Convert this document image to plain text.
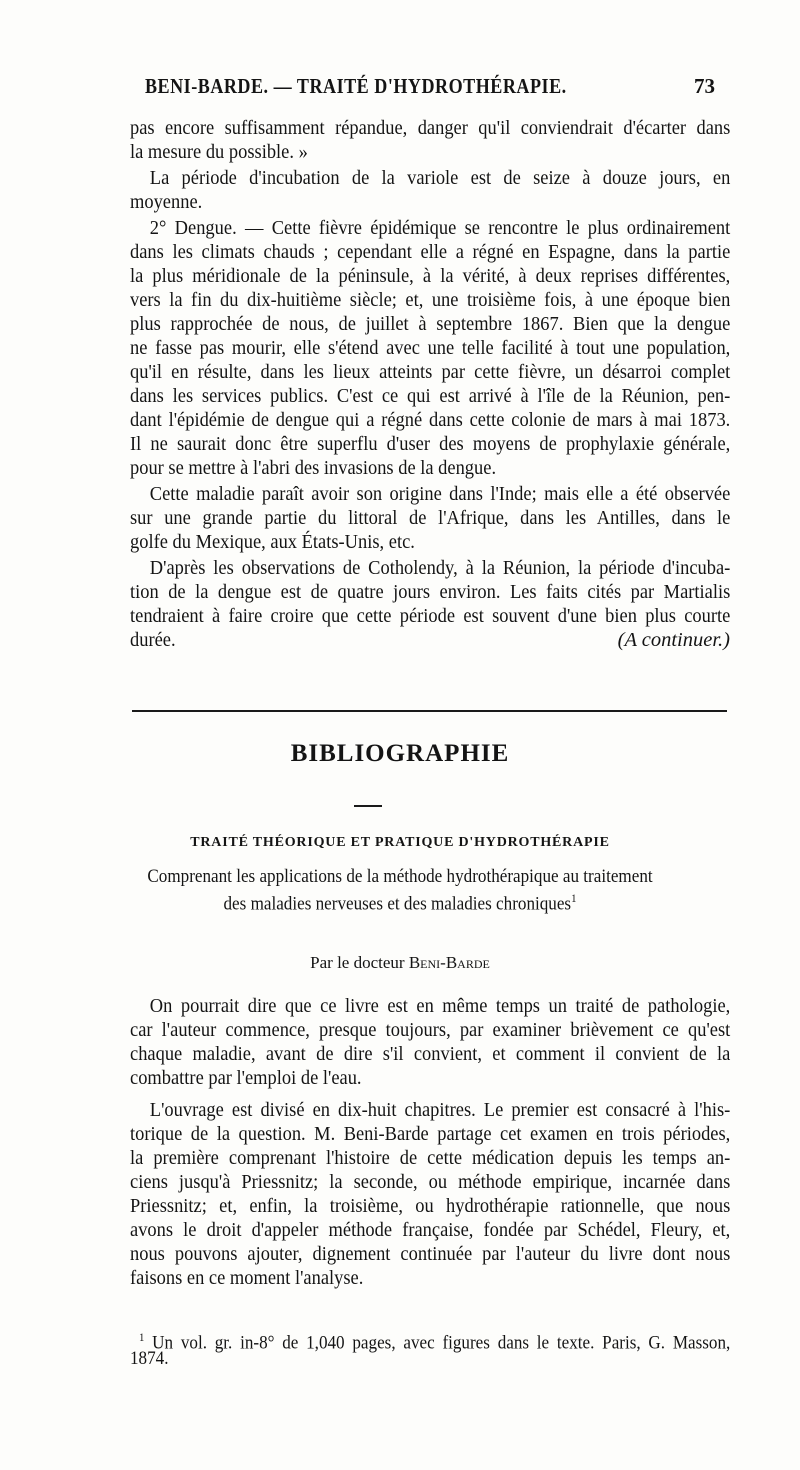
BENI-BARDE. — TRAITÉ D'HYDROTHÉRAPIE.	73
pas encore suffisamment répandue, danger qu'il conviendrait d'écarter dans
la mesure du possible. »
La période d'incubation de la variole est de seize à douze jours, en
moyenne.
2° Dengue. — Cette fièvre épidémique se rencontre le plus ordinairement
dans les climats chauds ; cependant elle a régné en Espagne, dans la partie
la plus méridionale de la péninsule, à la vérité, à deux reprises différentes,
vers la fin du dix-huitième siècle; et, une troisième fois, à une époque bien
plus rapprochée de nous, de juillet à septembre 1867. Bien que la dengue
ne fasse pas mourir, elle s'étend avec une telle facilité à tout une population,
qu'il en résulte, dans les lieux atteints par cette fièvre, un désarroi complet
dans les services publics. C'est ce qui est arrivé à l'île de la Réunion, pen-
dant l'épidémie de dengue qui a régné dans cette colonie de mars à mai 1873.
Il ne saurait donc être superflu d'user des moyens de prophylaxie générale,
pour se mettre à l'abri des invasions de la dengue.
Cette maladie paraît avoir son origine dans l'Inde; mais elle a été observée
sur une grande partie du littoral de l'Afrique, dans les Antilles, dans le
golfe du Mexique, aux États-Unis, etc.
D'après les observations de Cotholendy, à la Réunion, la période d'incuba-
tion de la dengue est de quatre jours environ. Les faits cités par Martialis
tendraient à faire croire que cette période est souvent d'une bien plus courte
durée.	(A continuer.)
BIBLIOGRAPHIE
TRAITÉ THÉORIQUE ET PRATIQUE D'HYDROTHÉRAPIE
Comprenant les applications de la méthode hydrothérapique au traitement
des maladies nerveuses et des maladies chroniques$^1$
Par le docteur Beni-Barde
On pourrait dire que ce livre est en même temps un traité de pathologie,
car l'auteur commence, presque toujours, par examiner brièvement ce qu'est
chaque maladie, avant de dire s'il convient, et comment il convient de la
combattre par l'emploi de l'eau.
L'ouvrage est divisé en dix-huit chapitres. Le premier est consacré à l'his-
torique de la question. M. Beni-Barde partage cet examen en trois périodes,
la première comprenant l'histoire de cette médication depuis les temps an-
ciens jusqu'à Priessnitz; la seconde, ou méthode empirique, incarnée dans
Priessnitz; et, enfin, la troisième, ou hydrothérapie rationnelle, que nous
avons le droit d'appeler méthode française, fondée par Schédel, Fleury, et,
nous pouvons ajouter, dignement continuée par l'auteur du livre dont nous
faisons en ce moment l'analyse.
$^1$ Un vol. gr. in-8° de 1,040 pages, avec figures dans le texte. Paris, G. Masson,
1874.
